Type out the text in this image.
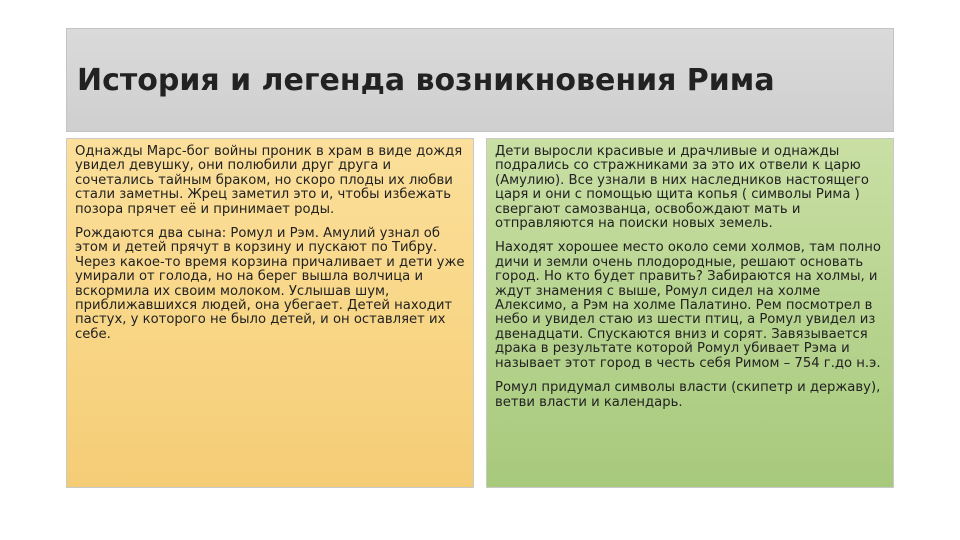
История и легенда возникновения Рима

Однажды Марс-бог войны проник в храм в виде дождя увидел девушку, они полюбили друг друга и сочетались тайным браком, но скоро плоды их любви стали заметны. Жрец заметил это и, чтобы избежать позора прячет её и принимает роды.

Рождаются два сына: Ромул и Рэм. Амулий узнал об этом и детей прячут в корзину и пускают по Тибру. Через какое-то время корзина причаливает и дети уже умирали от голода, но на берег вышла волчица и вскормила их своим молоком. Услышав шум, приближавшихся людей, она убегает. Детей находит пастух, у которого не было детей, и он оставляет их себе.

Дети выросли красивые и драчливые и однажды подрались со стражниками за это их отвели к царю (Амулию). Все узнали в них наследников настоящего царя и они с помощью щита копья ( символы Рима ) свергают самозванца, освобождают мать и отправляются на поиски новых земель.

Находят хорошее место около семи холмов, там полно дичи и земли очень плодородные, решают основать город. Но кто будет править? Забираются на холмы, и ждут знамения с выше, Ромул сидел на холме Алексимо, а Рэм на холме Палатино. Рем посмотрел в небо и увидел стаю из шести птиц, а Ромул увидел из двенадцати. Спускаются вниз и сорят. Завязывается драка в результате которой Ромул убивает Рэма и называет этот город в честь себя Римом – 754 г.до н.э.

Ромул придумал символы власти (скипетр и державу), ветви власти и календарь.
